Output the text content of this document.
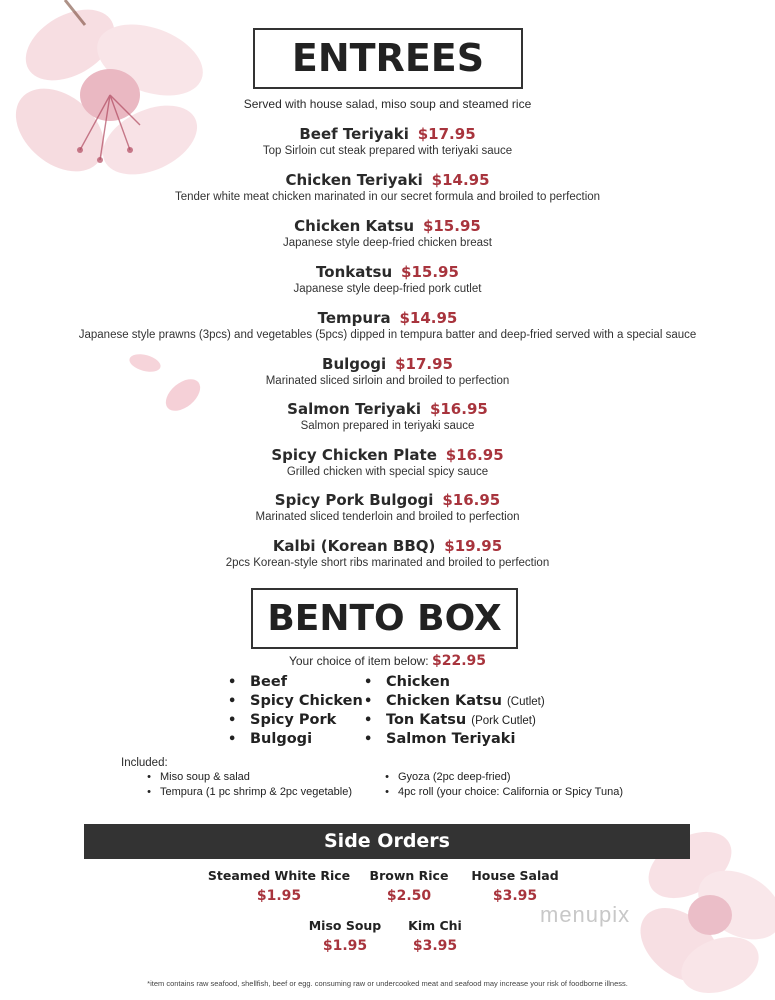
ENTREES
Served with house salad, miso soup and steamed rice
Beef Teriyaki $17.95
Top Sirloin cut steak prepared with teriyaki sauce
Chicken Teriyaki $14.95
Tender white meat chicken marinated in our secret formula and broiled to perfection
Chicken Katsu $15.95
Japanese style deep-fried chicken breast
Tonkatsu $15.95
Japanese style deep-fried pork cutlet
Tempura $14.95
Japanese style prawns (3pcs) and vegetables (5pcs) dipped in tempura batter and deep-fried served with a special sauce
Bulgogi $17.95
Marinated sliced sirloin and broiled to perfection
Salmon Teriyaki $16.95
Salmon prepared in teriyaki sauce
Spicy Chicken Plate $16.95
Grilled chicken with special spicy sauce
Spicy Pork Bulgogi $16.95
Marinated sliced tenderloin and broiled to perfection
Kalbi (Korean BBQ) $19.95
2pcs Korean-style short ribs marinated and broiled to perfection
BENTO BOX
Your choice of item below: $22.95
• Beef
• Spicy Chicken
• Spicy Pork
• Bulgogi
• Chicken
• Chicken Katsu (Cutlet)
• Ton Katsu (Pork Cutlet)
• Salmon Teriyaki
Included:
• Miso soup & salad
• Tempura (1 pc shrimp & 2pc vegetable)
• Gyoza (2pc deep-fried)
• 4pc roll (your choice: California or Spicy Tuna)
Side Orders
Steamed White Rice
$1.95
Brown Rice
$2.50
House Salad
$3.95
Miso Soup
$1.95
Kim Chi
$3.95
menupix
*item contains raw seafood, shellfish, beef or egg. consuming raw or undercooked meat and seafood may increase your risk of foodborne illness.
